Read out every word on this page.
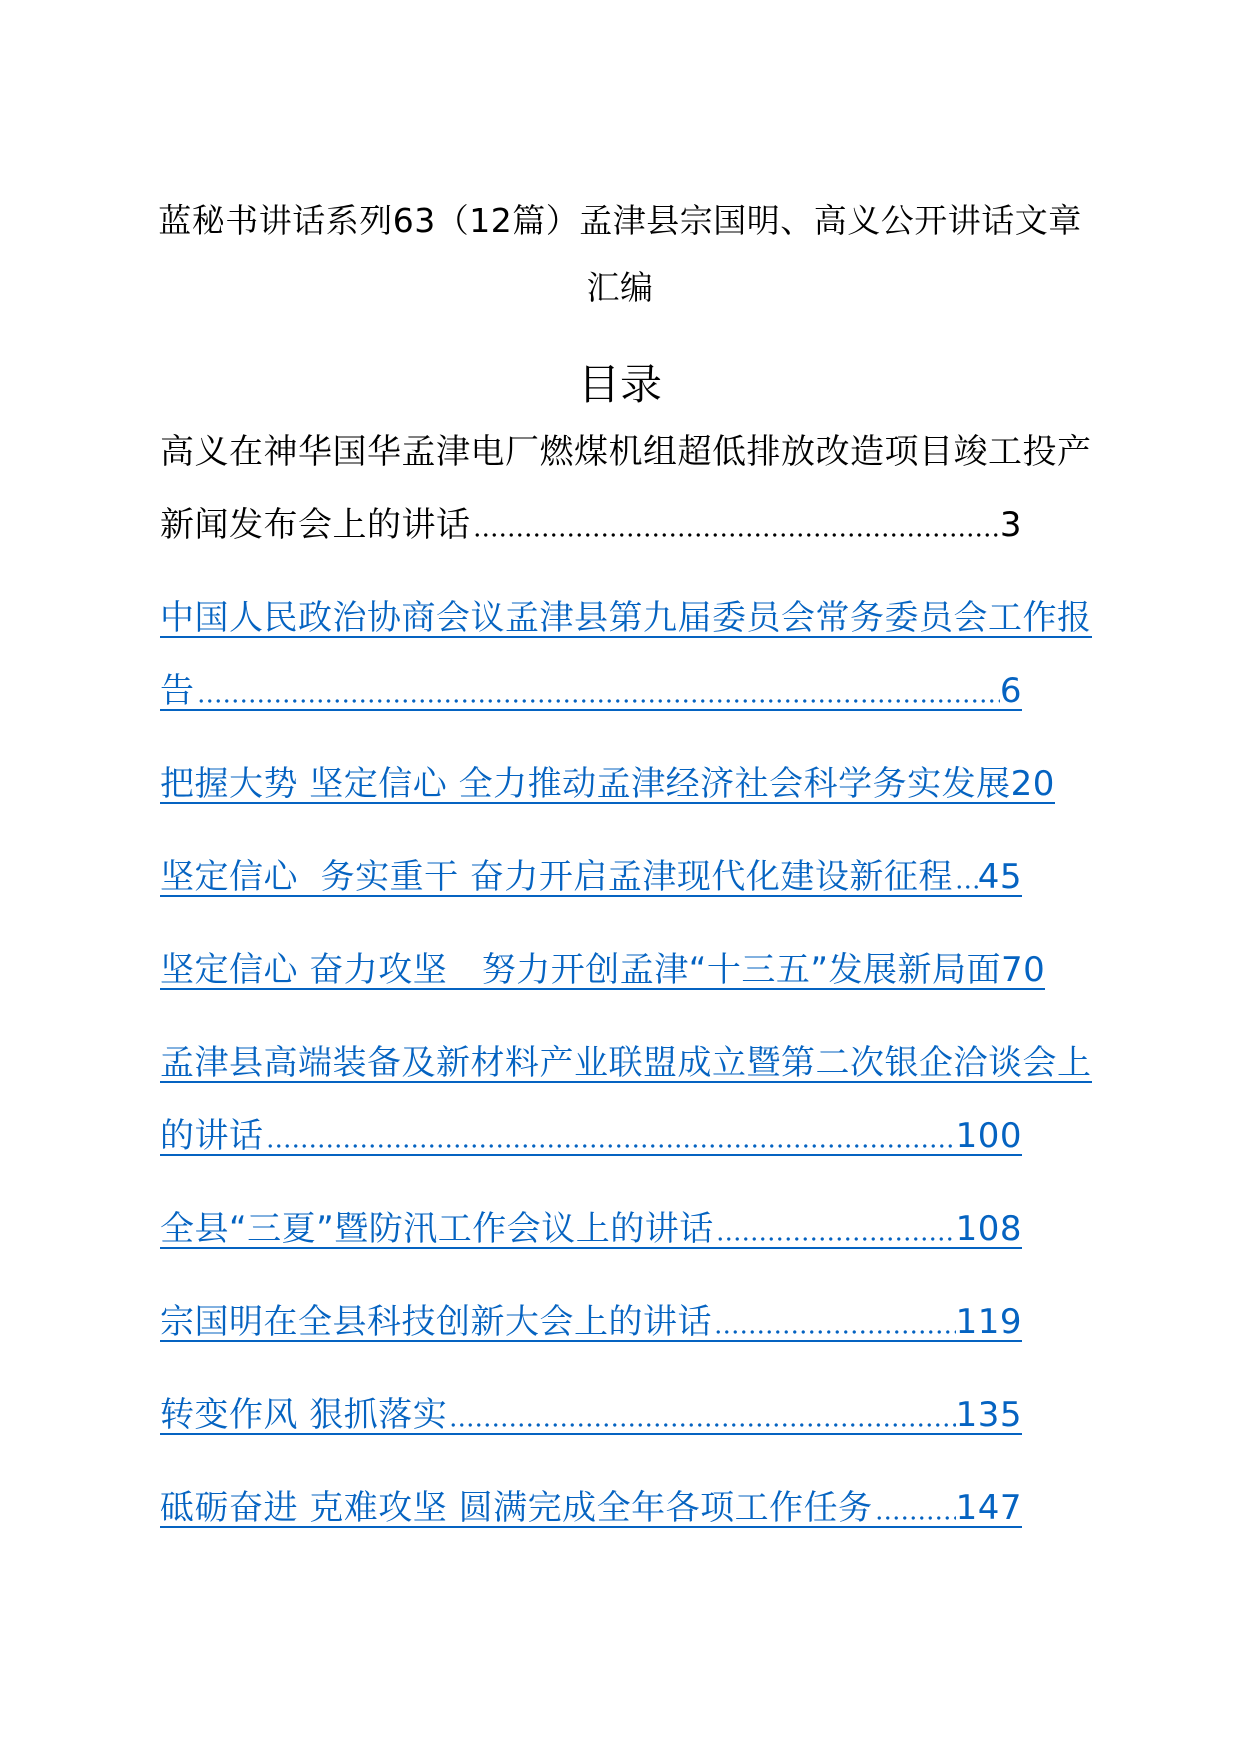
蓝秘书讲话系列63（12篇）孟津县宗国明、高义公开讲话文章
汇编
目录
高义在神华国华孟津电厂燃煤机组超低排放改造项目竣工投产
新闻发布会上的讲话	3
中国人民政治协商会议孟津县第九届委员会常务委员会工作报
告	6
把握大势 坚定信心 全力推动孟津经济社会科学务实发展 20
坚定信心  务实重干 奋力开启孟津现代化建设新征程 45
坚定信心 奋力攻坚　努力开创孟津“十三五”发展新局面 70
孟津县高端装备及新材料产业联盟成立暨第二次银企洽谈会上
的讲话	100
全县“三夏”暨防汛工作会议上的讲话	108
宗国明在全县科技创新大会上的讲话	119
转变作风 狠抓落实	135
砥砺奋进 克难攻坚 圆满完成全年各项工作任务 147
